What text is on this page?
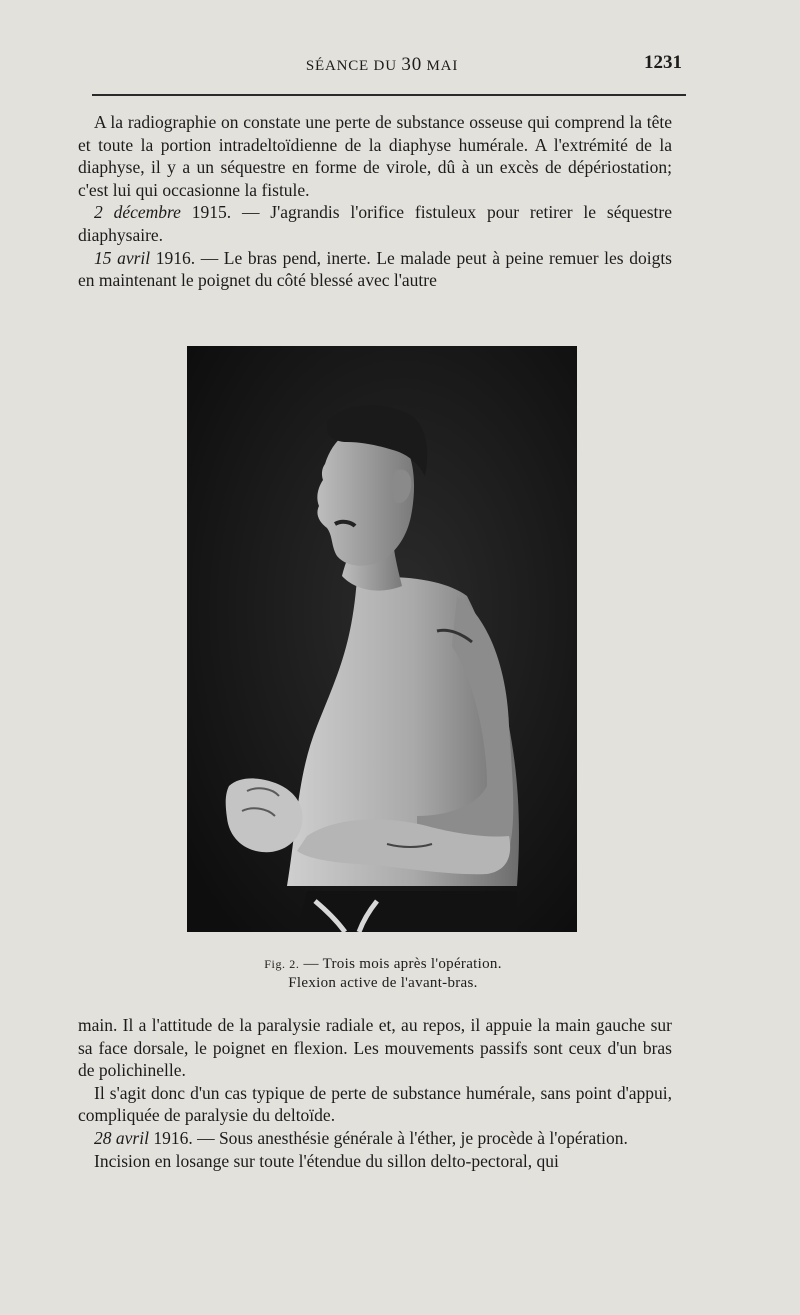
SÉANCE DU 30 MAI	1231

A la radiographie on constate une perte de substance osseuse qui comprend la tête et toute la portion intradeltoïdienne de la diaphyse humérale. A l'extrémité de la diaphyse, il y a un séquestre en forme de virole, dû à un excès de dépériostation; c'est lui qui occasionne la fistule.

2 décembre 1915. — J'agrandis l'orifice fistuleux pour retirer le séquestre diaphysaire.

15 avril 1916. — Le bras pend, inerte. Le malade peut à peine remuer les doigts en maintenant le poignet du côté blessé avec l'autre

Fig. 2. — Trois mois après l'opération.
Flexion active de l'avant-bras.

main. Il a l'attitude de la paralysie radiale et, au repos, il appuie la main gauche sur sa face dorsale, le poignet en flexion. Les mouvements passifs sont ceux d'un bras de polichinelle.

Il s'agit donc d'un cas typique de perte de substance humérale, sans point d'appui, compliquée de paralysie du deltoïde.

28 avril 1916. — Sous anesthésie générale à l'éther, je procède à l'opération.

Incision en losange sur toute l'étendue du sillon delto-pectoral, qui
